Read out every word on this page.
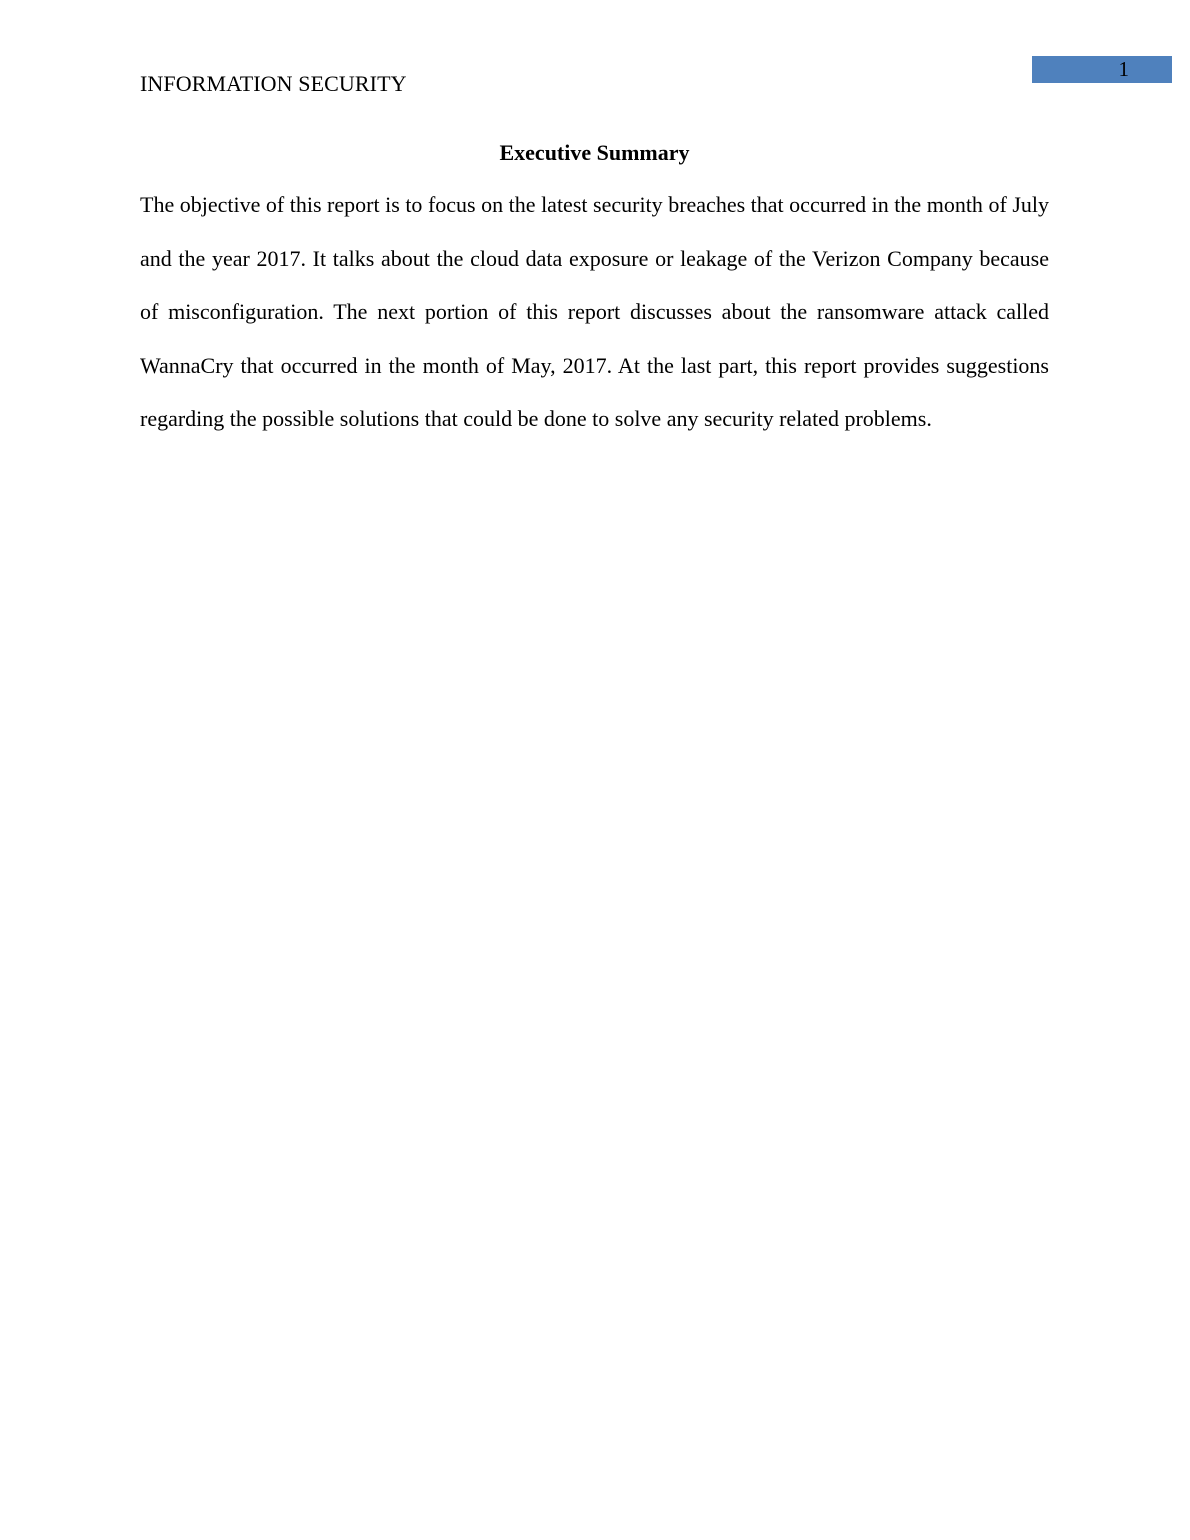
INFORMATION SECURITY
1
Executive Summary

The objective of this report is to focus on the latest security breaches that occurred in the month of July and the year 2017. It talks about the cloud data exposure or leakage of the Verizon Company because of misconfiguration. The next portion of this report discusses about the ransomware attack called WannaCry that occurred in the month of May, 2017. At the last part, this report provides suggestions regarding the possible solutions that could be done to solve any security related problems.
